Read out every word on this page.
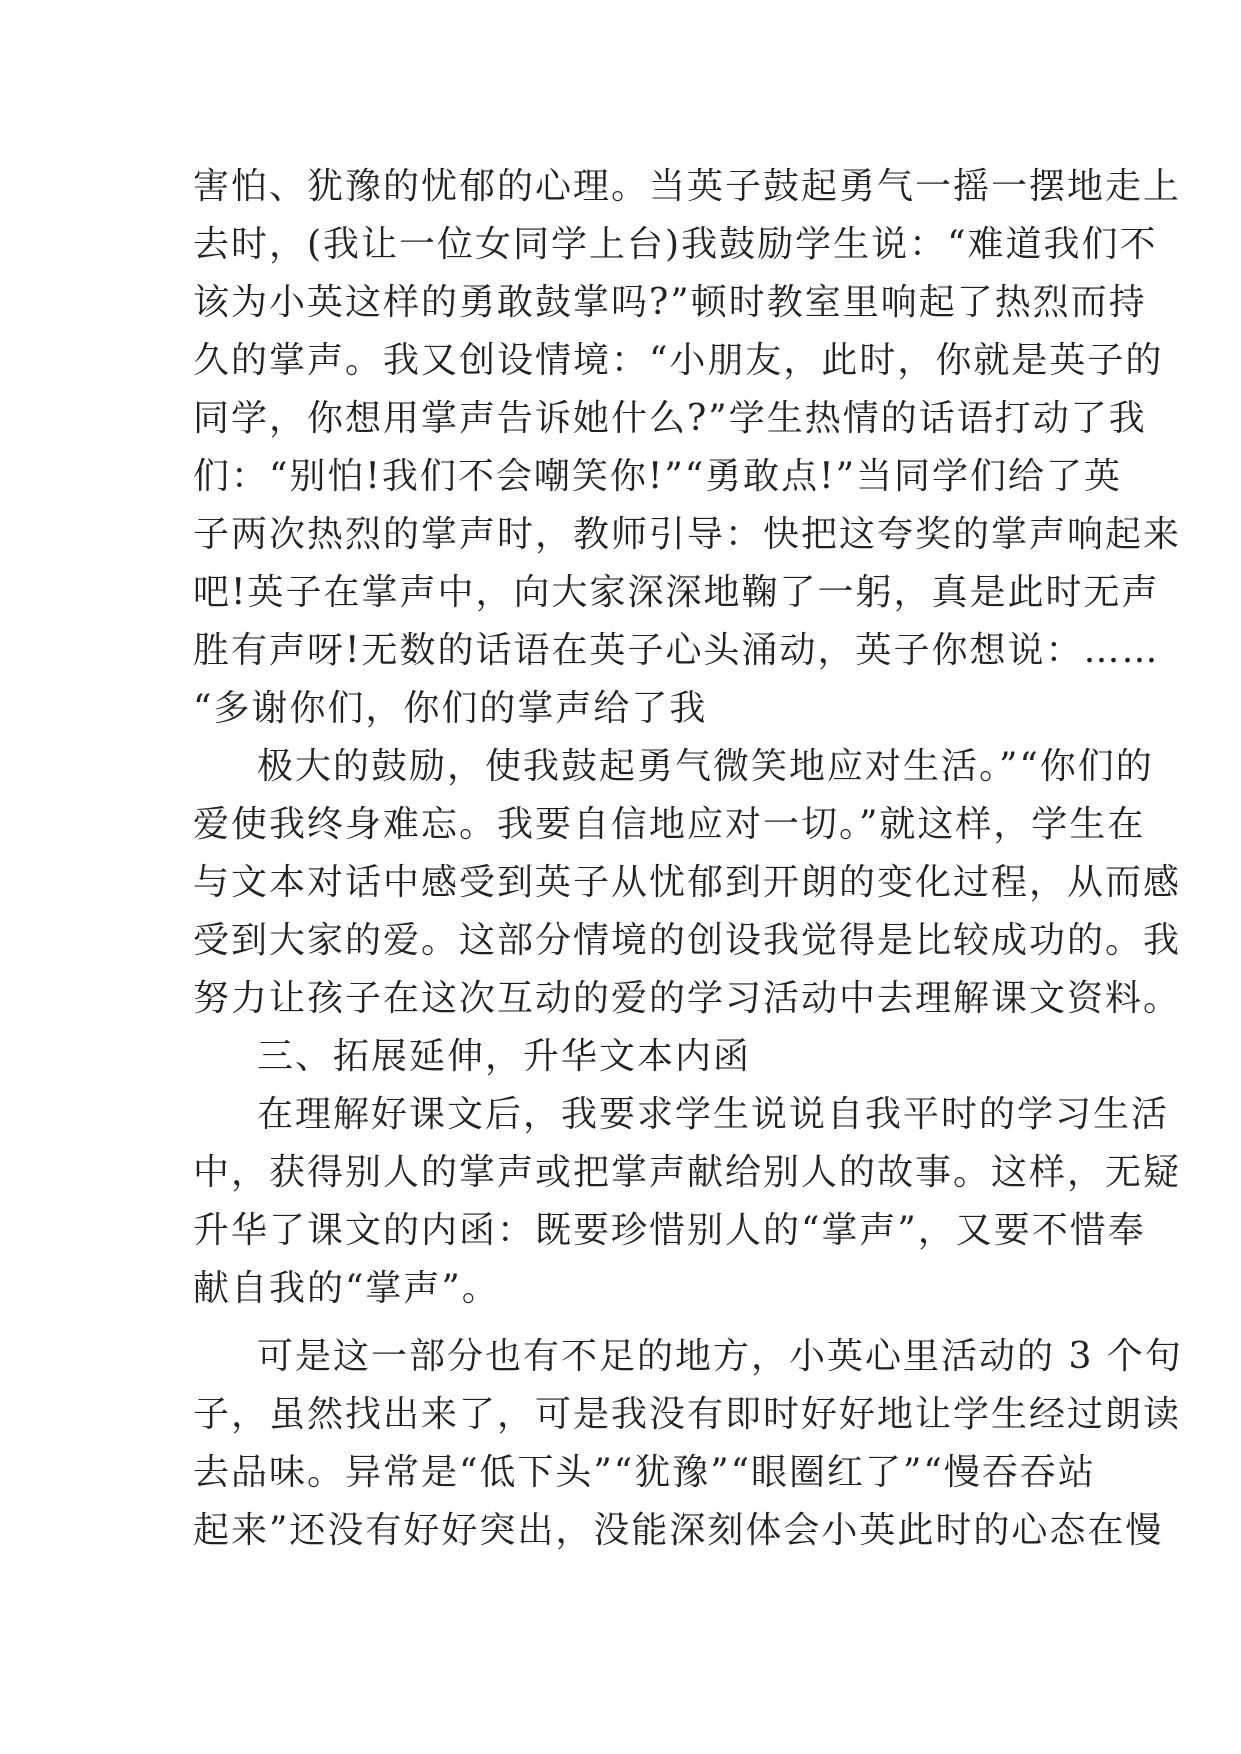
害怕、犹豫的忧郁的心理。当英子鼓起勇气一摇一摆地走上
去时，(我让一位女同学上台)我鼓励学生说：“难道我们不
该为小英这样的勇敢鼓掌吗?”顿时教室里响起了热烈而持
久的掌声。我又创设情境：“小朋友，此时，你就是英子的
同学，你想用掌声告诉她什么?”学生热情的话语打动了我
们：“别怕!我们不会嘲笑你!”“勇敢点!”当同学们给了英
子两次热烈的掌声时，教师引导：快把这夸奖的掌声响起来
吧!英子在掌声中，向大家深深地鞠了一躬，真是此时无声
胜有声呀!无数的话语在英子心头涌动，英子你想说：……
“多谢你们，你们的掌声给了我
极大的鼓励，使我鼓起勇气微笑地应对生活。”“你们的
爱使我终身难忘。我要自信地应对一切。”就这样，学生在
与文本对话中感受到英子从忧郁到开朗的变化过程，从而感
受到大家的爱。这部分情境的创设我觉得是比较成功的。我
努力让孩子在这次互动的爱的学习活动中去理解课文资料。
三、拓展延伸，升华文本内函
在理解好课文后，我要求学生说说自我平时的学习生活
中，获得别人的掌声或把掌声献给别人的故事。这样，无疑
升华了课文的内函：既要珍惜别人的“掌声”，又要不惜奉
献自我的“掌声”。
可是这一部分也有不足的地方，小英心里活动的 3 个句
子，虽然找出来了，可是我没有即时好好地让学生经过朗读
去品味。异常是“低下头”“犹豫”“眼圈红了”“慢吞吞站
起来”还没有好好突出，没能深刻体会小英此时的心态在慢
